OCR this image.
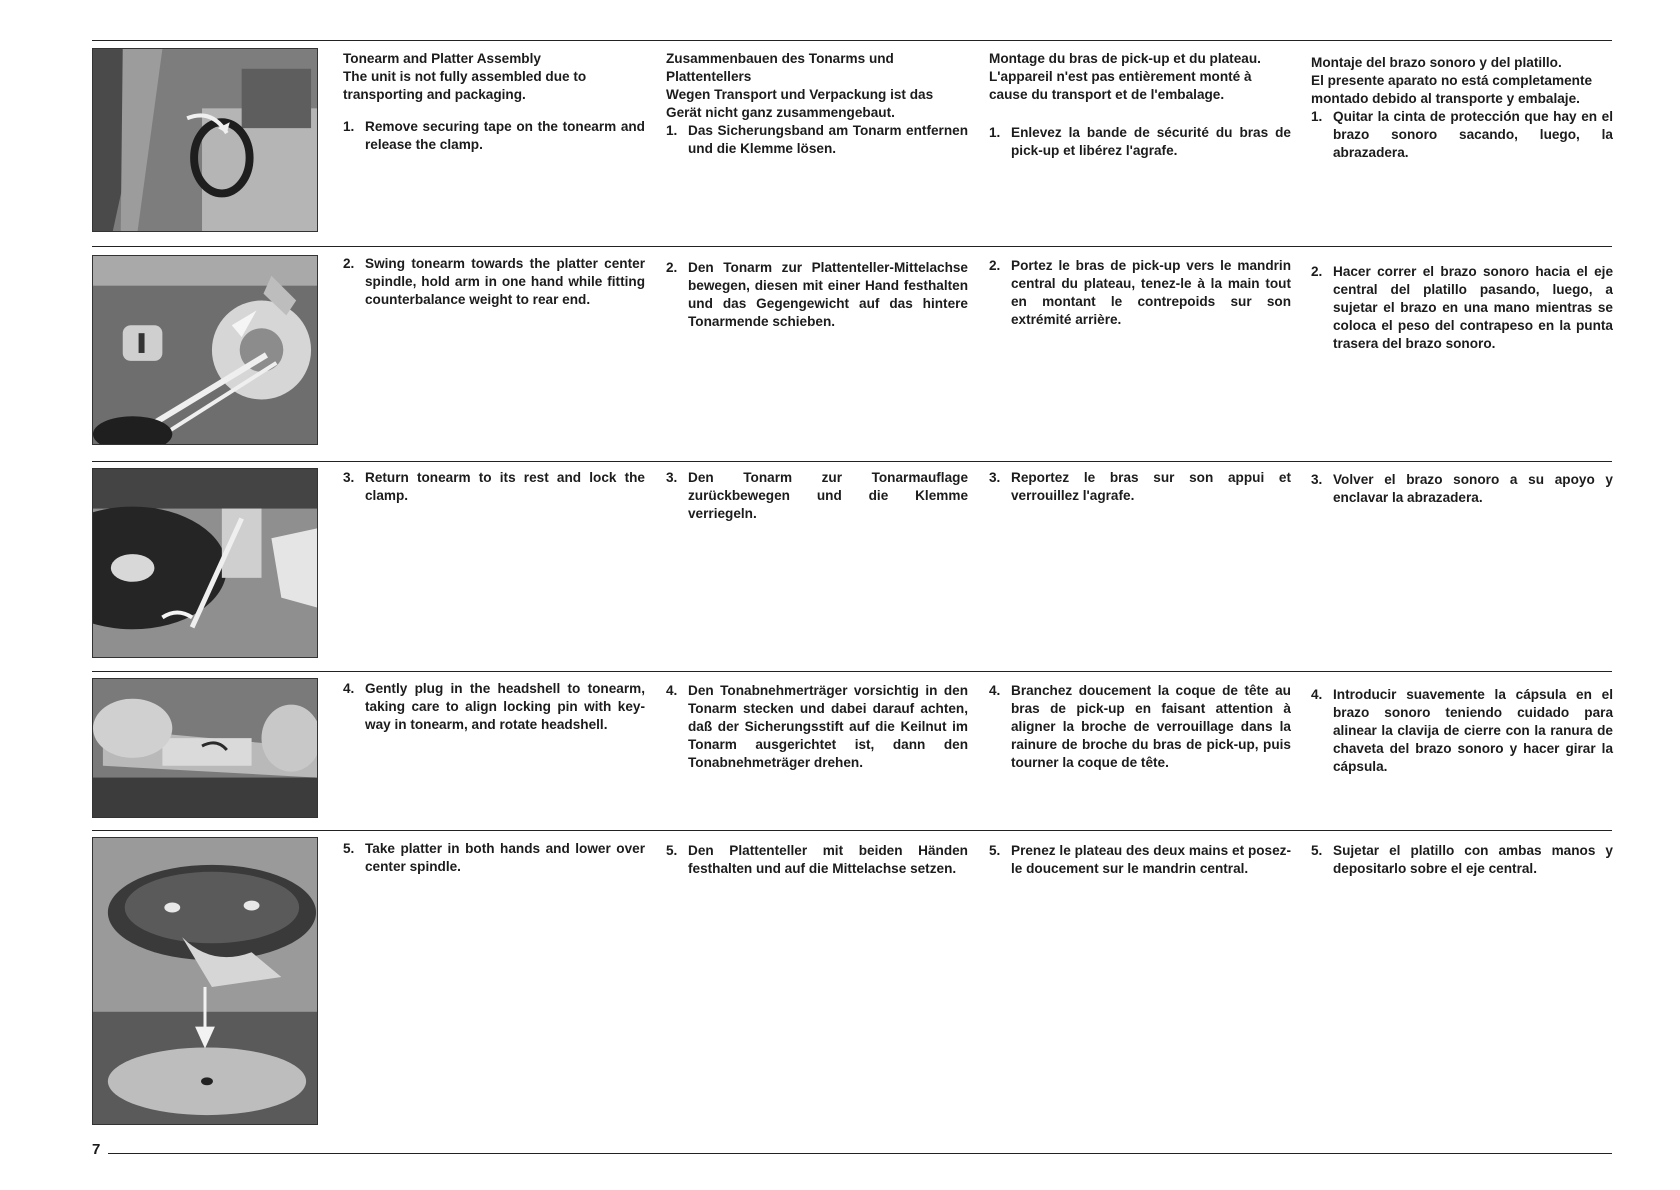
Tonearm and Platter Assembly
The unit is not fully assembled due to transporting and packaging.
1. Remove securing tape on the tonearm and release the clamp.
Zusammenbauen des Tonarms und Plattentellers
Wegen Transport und Verpackung ist das Gerät nicht ganz zusammengebaut.
1. Das Sicherungsband am Tonarm entfernen und die Klemme lösen.
Montage du bras de pick-up et du plateau.
L'appareil n'est pas entièrement monté à cause du transport et de l'embalage.
1. Enlevez la bande de sécurité du bras de pick-up et libérez l'agrafe.
Montaje del brazo sonoro y del platillo.
El presente aparato no está completamente montado debido al transporte y embalaje.
1. Quitar la cinta de protección que hay en el brazo sonoro sacando, luego, la abrazadera.
2. Swing tonearm towards the platter center spindle, hold arm in one hand while fitting counterbalance weight to rear end.
2. Den Tonarm zur Plattenteller-Mittelachse bewegen, diesen mit einer Hand festhalten und das Gegengewicht auf das hintere Tonarmende schieben.
2. Portez le bras de pick-up vers le mandrin central du plateau, tenez-le à la main tout en montant le contrepoids sur son extrémité arrière.
2. Hacer correr el brazo sonoro hacia el eje central del platillo pasando, luego, a sujetar el brazo en una mano mientras se coloca el peso del contrapeso en la punta trasera del brazo sonoro.
3. Return tonearm to its rest and lock the clamp.
3. Den Tonarm zur Tonarmauflage zurückbewegen und die Klemme verriegeln.
3. Reportez le bras sur son appui et verrouillez l'agrafe.
3. Volver el brazo sonoro a su apoyo y enclavar la abrazadera.
4. Gently plug in the headshell to tonearm, taking care to align locking pin with key-way in tonearm, and rotate headshell.
4. Den Tonabnehmerträger vorsichtig in den Tonarm stecken und dabei darauf achten, daß der Sicherungsstift auf die Keilnut im Tonarm ausgerichtet ist, dann den Tonabnehmeträger drehen.
4. Branchez doucement la coque de tête au bras de pick-up en faisant attention à aligner la broche de verrouillage dans la rainure de broche du bras de pick-up, puis tourner la coque de tête.
4. Introducir suavemente la cápsula en el brazo sonoro teniendo cuidado para alinear la clavija de cierre con la ranura de chaveta del brazo sonoro y hacer girar la cápsula.
5. Take platter in both hands and lower over center spindle.
5. Den Plattenteller mit beiden Händen festhalten und auf die Mittelachse setzen.
5. Prenez le plateau des deux mains et posez-le doucement sur le mandrin central.
5. Sujetar el platillo con ambas manos y depositarlo sobre el eje central.
7
